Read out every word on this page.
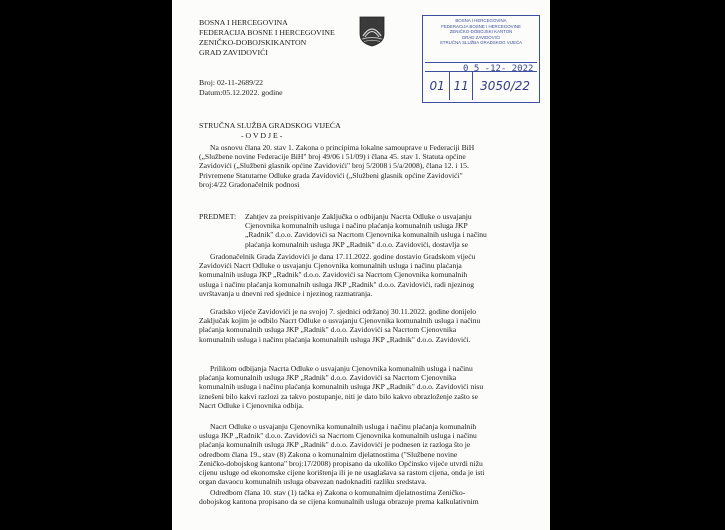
BOSNA I HERCEGOVINA
FEDERACIJA BOSNE I HERCEGOVINE
ZENIČKO-DOBOJSKIKANTON
GRAD ZAVIDOVIĆI
BOSNA I HERCEGOVINA
FEDERACIJA BOSNE I HERCEGOVINE
ZENIČKO-DOBOJSKI KANTON
GRAD ZAVIDOVIĆI
STRUČNA SLUŽBA GRADSKOG VIJEĆA
0 5 -12- 2022
01 11 3050/22
Broj: 02-11-2689/22
Datum:05.12.2022. godine
STRUČNA SLUŽBA GRADSKOG VIJEĆA
- O V D J E -
Na osnovu člana 20. stav 1. Zakona o principima lokalne samouprave u Federaciji BiH
(„Službene novine Federacije BiH" broj 49/06 i 51/09) i člana 45. stav 1. Statuta općine
Zavidovići („Službeni glasnik općine Zavidovići" broj 5/2008 i 5/a/2008), člana 12. i 15.
Privremene Statutarne Odluke grada Zavidovići („Službeni glasnik općine Zavidovići"
broj:4/22 Gradonačelnik podnosi
PREDMET:	Zahtjev za preispitivanje Zaključka o odbijanju Nacrta Odluke o usvajanju
Cjenovnika komunalnih usluga i načinu plaćanja komunalnih usluga JKP
„Radnik" d.o.o. Zavidovići sa Nacrtom Cjenovnika komunalnih usluga i načinu
plaćanja komunalnih usluga JKP „Radnik" d.o.o. Zavidovići, dostavlja se
Gradonačelnik Grada Zavidovići je dana 17.11.2022. godine dostavio Gradskom vijeću
Zavidovići Nacrt Odluke o usvajanju Cjenovnika komunalnih usluga i načinu plaćanja
komunalnih usluga JKP „Radnik" d.o.o. Zavidovići sa Nacrtom Cjenovnika komunalnih
usluga i načinu plaćanja komunalnih usluga JKP „Radnik" d.o.o. Zavidovići, radi njezinog
uvrštavanja u dnevni red sjednice i njezinog razmatranja.
Gradsko vijeće Zavidovići je na svojoj 7. sjednici održanoj 30.11.2022. godine donijelo
Zaključak kojim je odbilo Nacrt Odluke o usvajanju Cjenovnika komunalnih usluga i načinu
plaćanja komunalnih usluga JKP „Radnik" d.o.o. Zavidovići sa Nacrtom Cjenovnika
komunalnih usluga i načinu plaćanja komunalnih usluga JKP „Radnik" d.o.o. Zavidovići.
Prilikom odbijanja Nacrta Odluke o usvajanju Cjenovnika komunalnih usluga i načinu
plaćanja komunalnih usluga JKP „Radnik" d.o.o. Zavidovići sa Nacrtom Cjenovnika
komunalnih usluga i načinu plaćanja komunalnih usluga JKP „Radnik" d.o.o. Zavidovići nisu
iznešeni bilo kakvi razlozi za takvo postupanje, niti je dato bilo kakvo obrazloženje zašto se
Nacrt Odluke i Cjenovnika odbija.
Nacrt Odluke o usvajanju Cjenovnika komunalnih usluga i načinu plaćanja komunalnih
usluga JKP „Radnik" d.o.o. Zavidovići sa Nacrtom Cjenovnika komunalnih usluga i načinu
plaćanja komunalnih usluga JKP „Radnik" d.o.o. Zavidovići je podnesen iz razloga što je
odredbom člana 19., stav (8) Zakona o komunalnim djelatnostima ("Službene novine
Zeničko-dobojskog kantona" broj:17/2008) propisano da ukoliko Općinsko vijeće utvrdi nižu
cijenu usluge od ekonomske cijene korištenja ili je ne usaglašava sa rastom cijena, onda je isti
organ davaocu komunalnih usluga obavezan nadoknaditi razliku sredstava.
Odredbom člana 10. stav (1) tačka e) Zakona o komunalnim djelatnostima Zeničko-
dobojskog kantona propisano da se cijena komunalnih usluga obrazuje prema kalkulativnim
